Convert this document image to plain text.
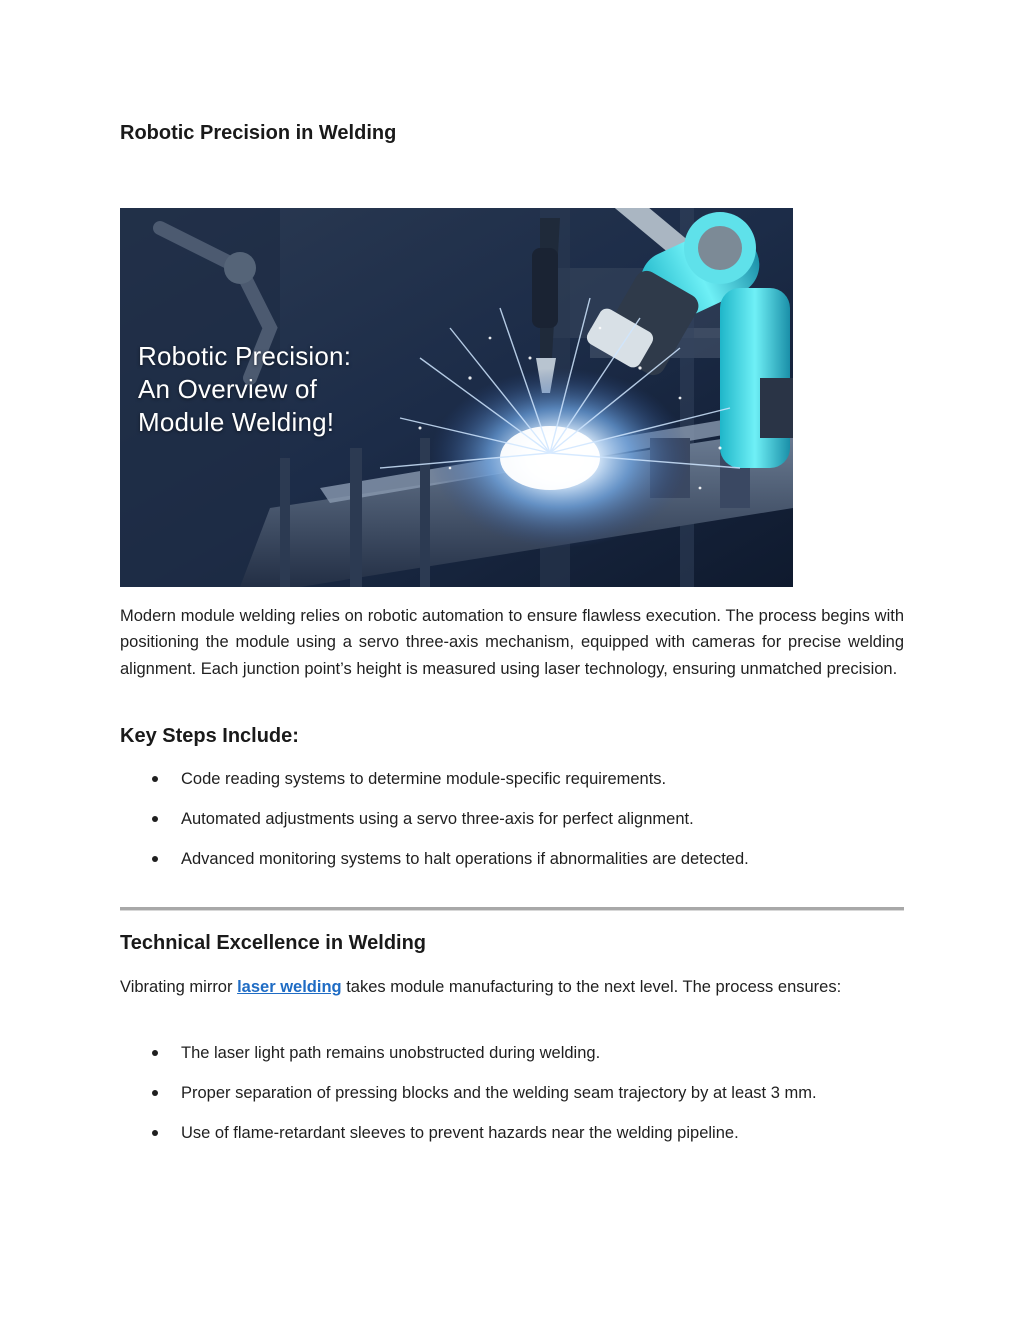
Robotic Precision in Welding
Robotic Precision:
An Overview of
Module Welding!

Modern module welding relies on robotic automation to ensure flawless execution. The process begins with positioning the module using a servo three-axis mechanism, equipped with cameras for precise welding alignment. Each junction point’s height is measured using laser technology, ensuring unmatched precision.

Key Steps Include:
Code reading systems to determine module-specific requirements.
Automated adjustments using a servo three-axis for perfect alignment.
Advanced monitoring systems to halt operations if abnormalities are detected.
Technical Excellence in Welding

Vibrating mirror laser welding takes module manufacturing to the next level. The process ensures:

The laser light path remains unobstructed during welding.
Proper separation of pressing blocks and the welding seam trajectory by at least 3 mm.
Use of flame-retardant sleeves to prevent hazards near the welding pipeline.
